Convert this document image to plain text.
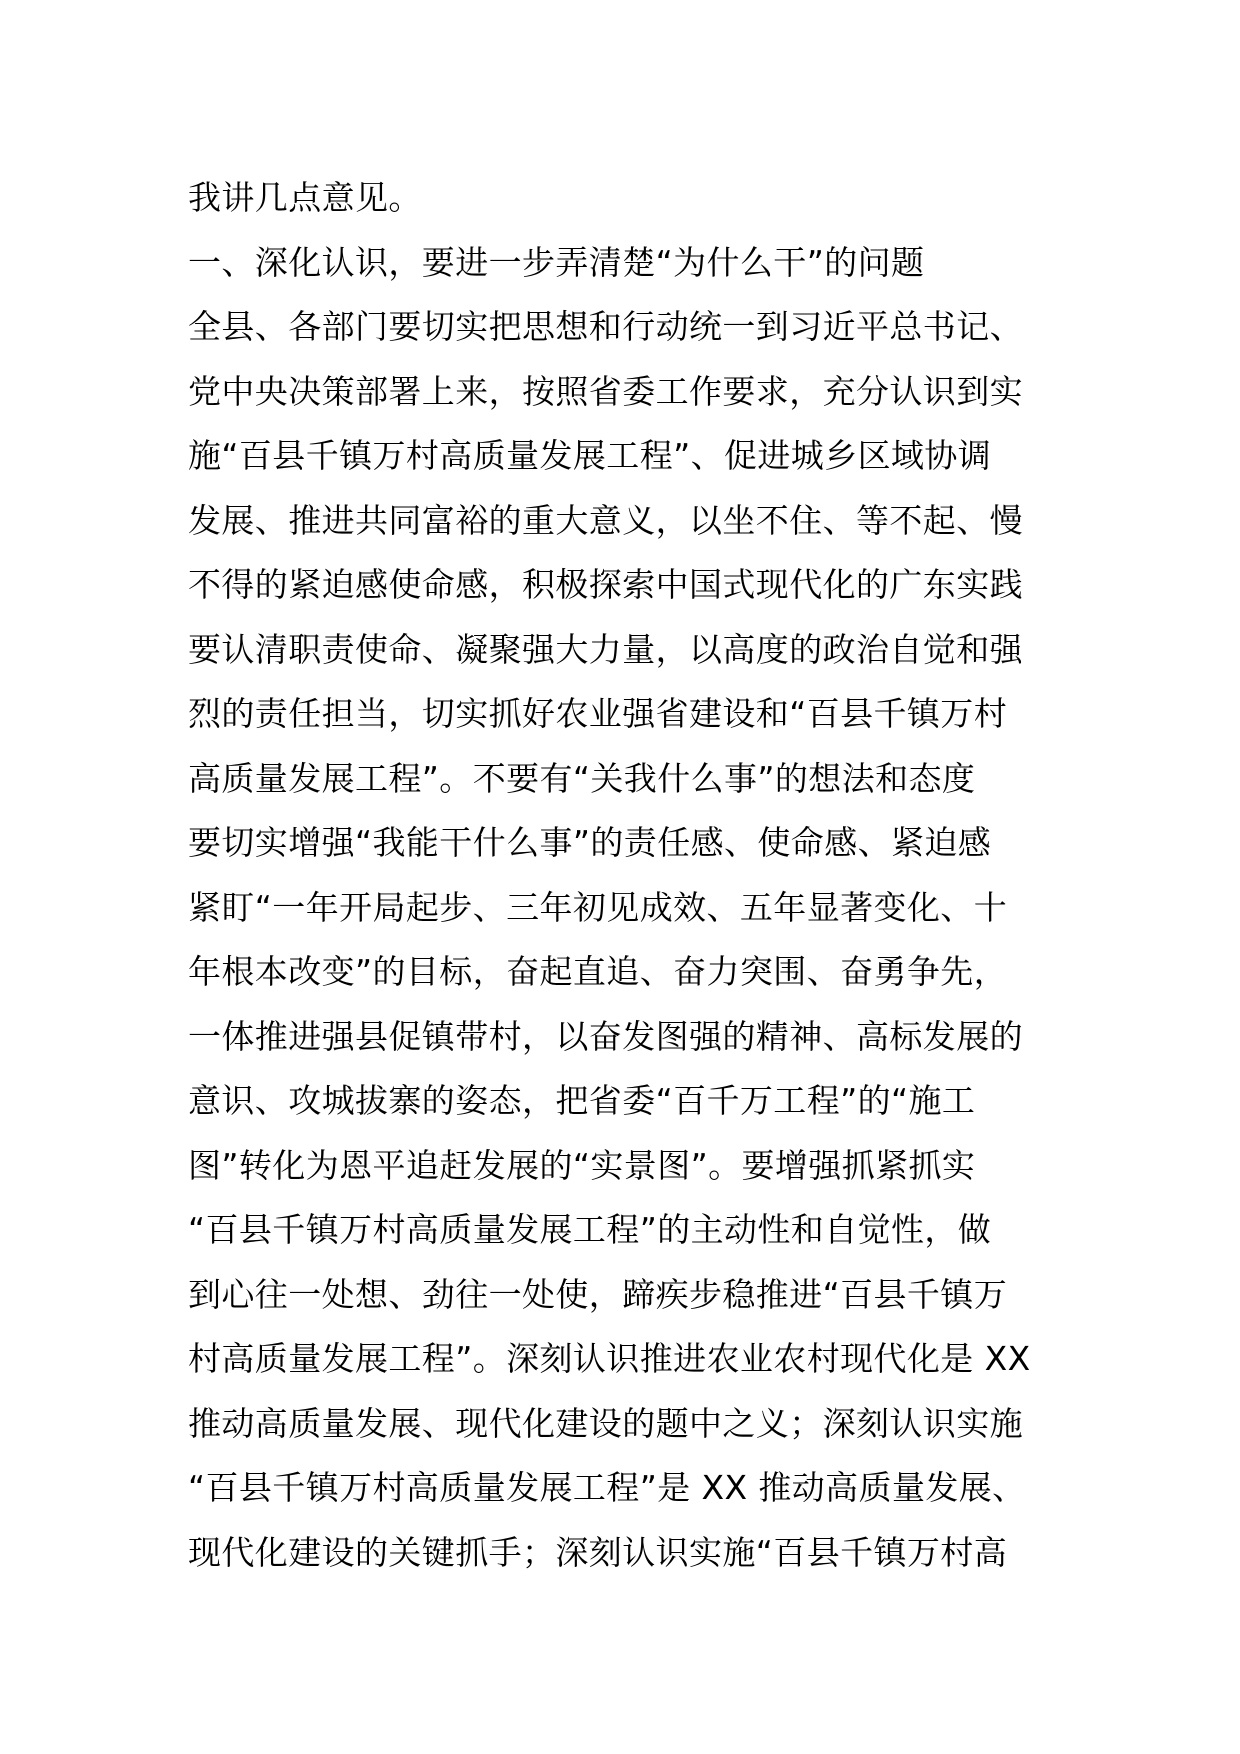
我讲几点意见。
一、深化认识，要进一步弄清楚“为什么干”的问题
全县、各部门要切实把思想和行动统一到习近平总书记、
党中央决策部署上来，按照省委工作要求，充分认识到实
施“百县千镇万村高质量发展工程”、促进城乡区域协调
发展、推进共同富裕的重大意义，以坐不住、等不起、慢
不得的紧迫感使命感，积极探索中国式现代化的广东实践
要认清职责使命、凝聚强大力量，以高度的政治自觉和强
烈的责任担当，切实抓好农业强省建设和“百县千镇万村
高质量发展工程”。不要有“关我什么事”的想法和态度
要切实增强“我能干什么事”的责任感、使命感、紧迫感
紧盯“一年开局起步、三年初见成效、五年显著变化、十
年根本改变”的目标，奋起直追、奋力突围、奋勇争先，
一体推进强县促镇带村，以奋发图强的精神、高标发展的
意识、攻城拔寨的姿态，把省委“百千万工程”的“施工
图”转化为恩平追赶发展的“实景图”。要增强抓紧抓实
“百县千镇万村高质量发展工程”的主动性和自觉性，做
到心往一处想、劲往一处使，蹄疾步稳推进“百县千镇万
村高质量发展工程”。深刻认识推进农业农村现代化是 XX
推动高质量发展、现代化建设的题中之义；深刻认识实施
“百县千镇万村高质量发展工程”是 XX 推动高质量发展、
现代化建设的关键抓手；深刻认识实施“百县千镇万村高
